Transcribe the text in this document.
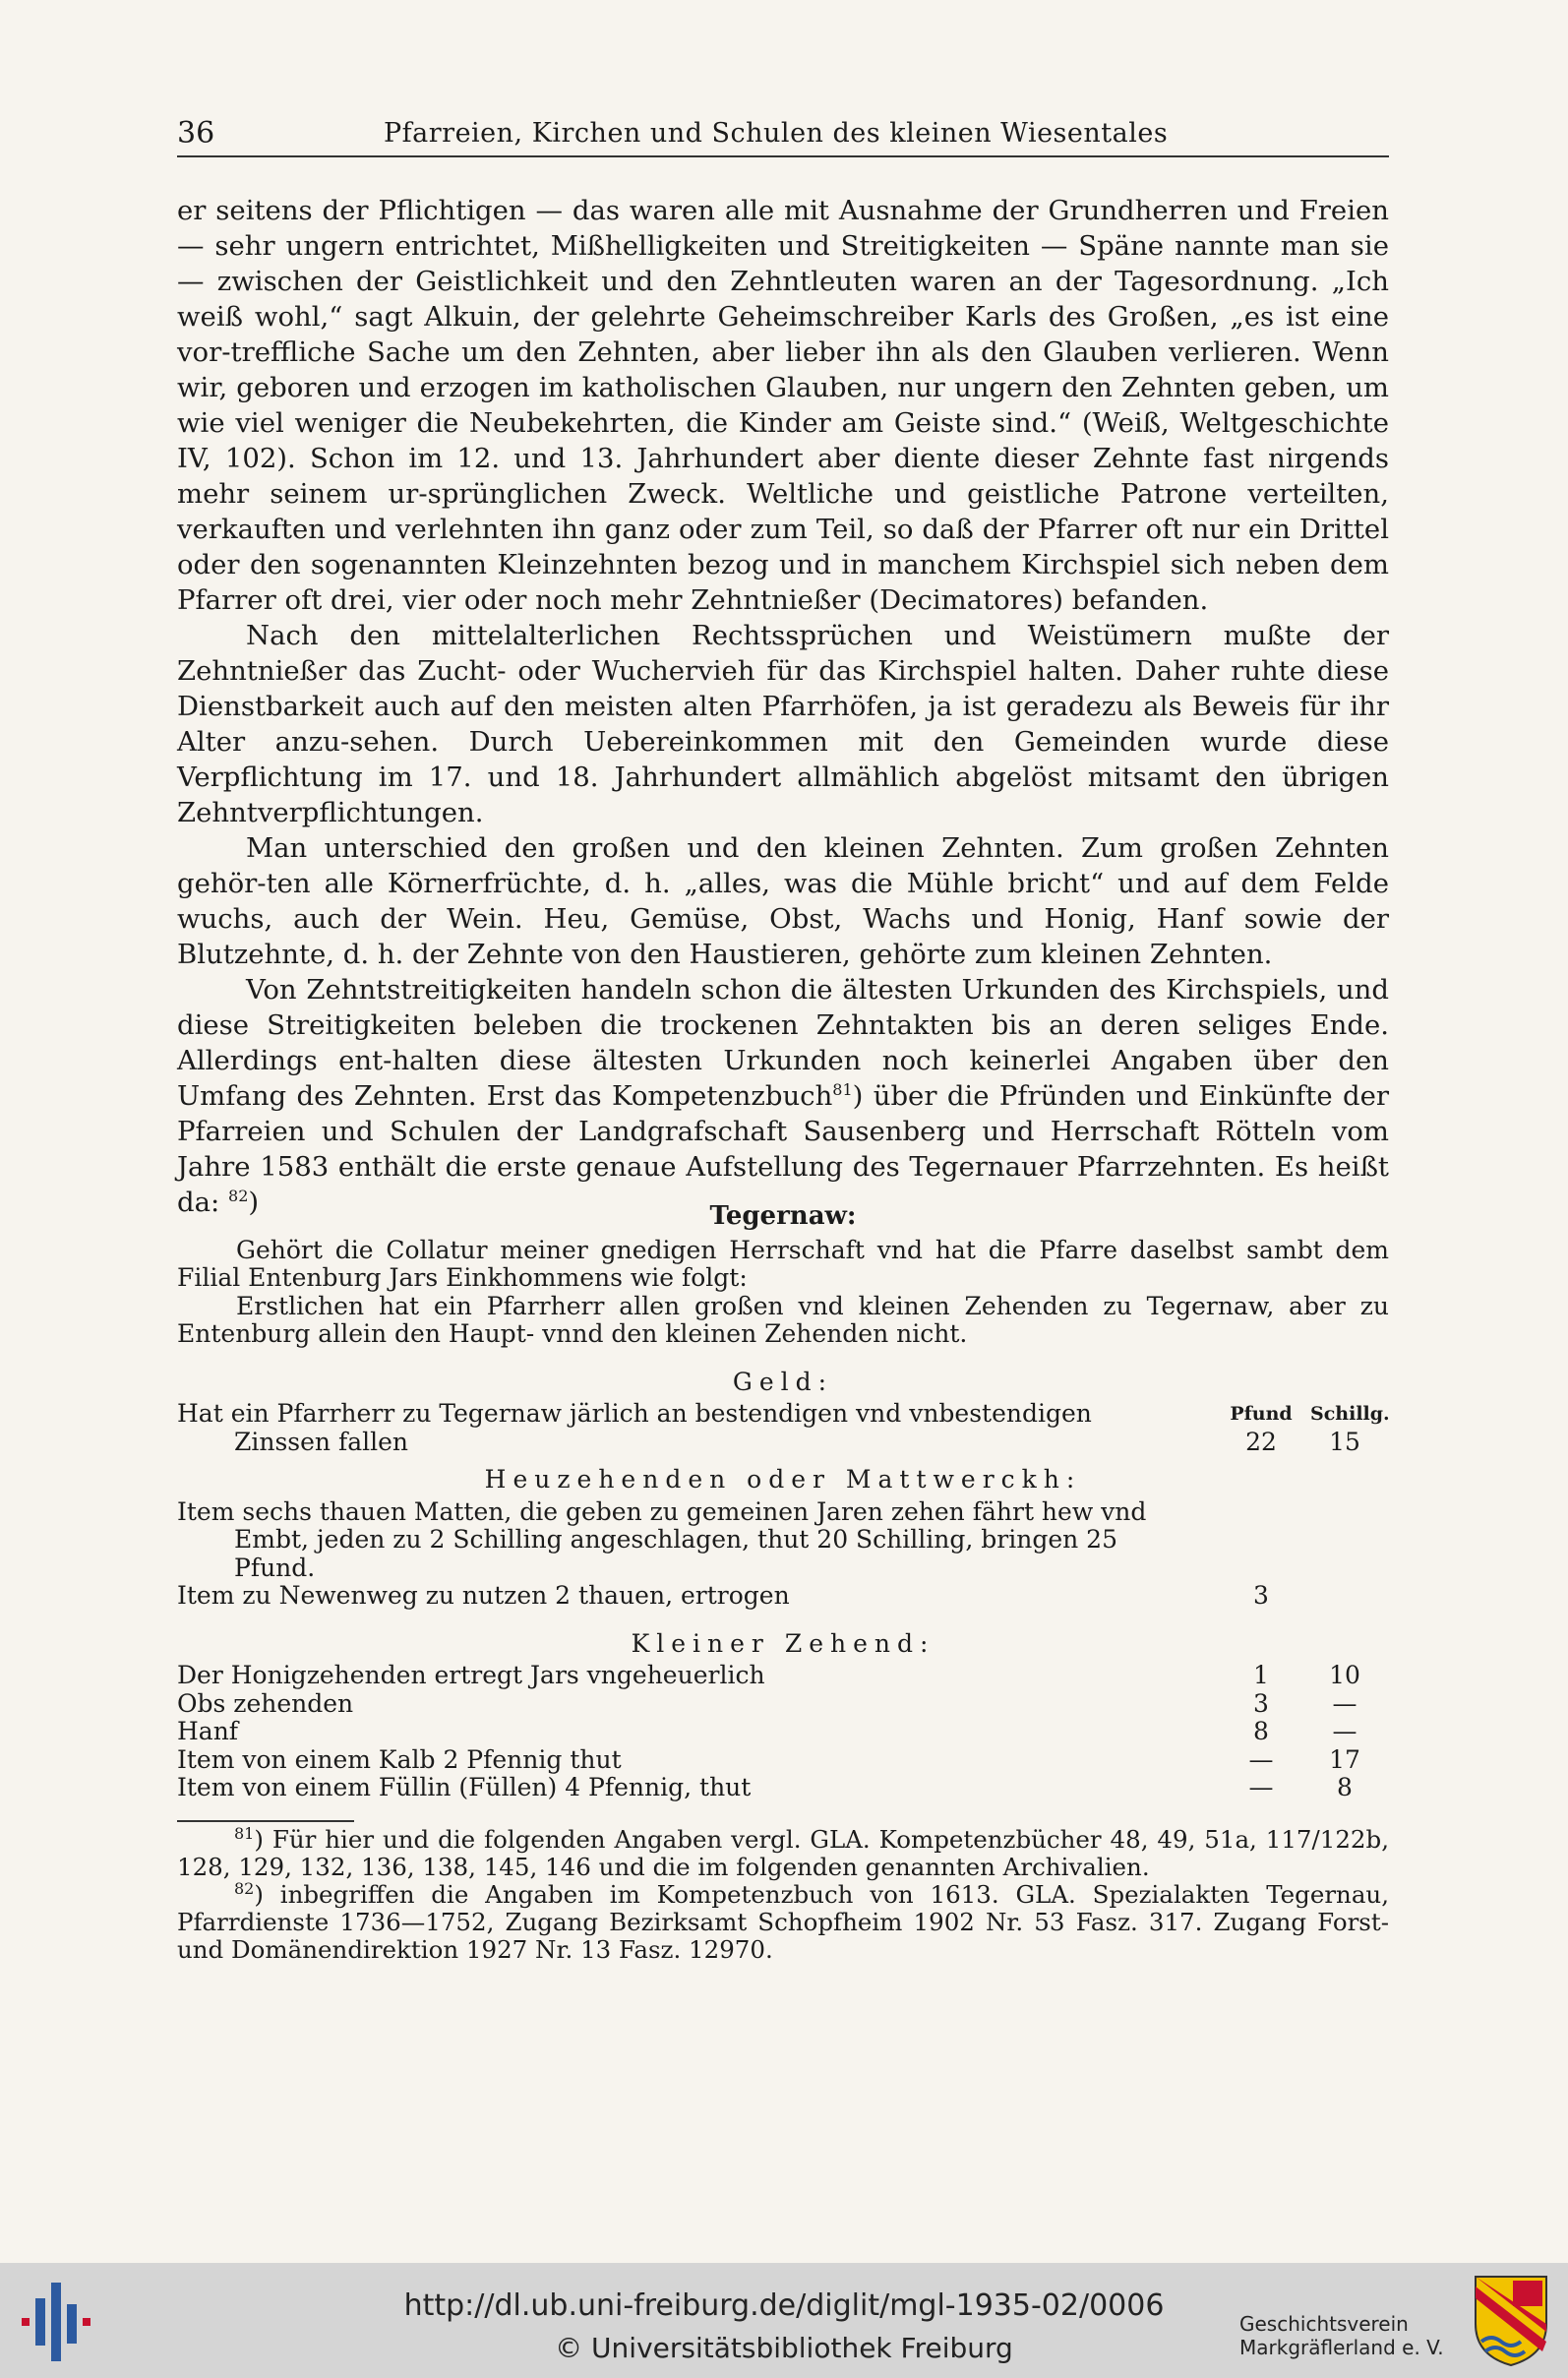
36	Pfarreien, Kirchen und Schulen des kleinen Wiesentales

er seitens der Pflichtigen — das waren alle mit Ausnahme der Grundherren und Freien — sehr ungern entrichtet, Mißhelligkeiten und Streitigkeiten — Späne nannte man sie — zwischen der Geistlichkeit und den Zehntleuten waren an der Tagesordnung. „Ich weiß wohl,“ sagt Alkuin, der gelehrte Geheimschreiber Karls des Großen, „es ist eine vor-treffliche Sache um den Zehnten, aber lieber ihn als den Glauben verlieren. Wenn wir, geboren und erzogen im katholischen Glauben, nur ungern den Zehnten geben, um wie viel weniger die Neubekehrten, die Kinder am Geiste sind.“ (Weiß, Weltgeschichte IV, 102). Schon im 12. und 13. Jahrhundert aber diente dieser Zehnte fast nirgends mehr seinem ur-sprünglichen Zweck. Weltliche und geistliche Patrone verteilten, verkauften und verlehnten ihn ganz oder zum Teil, so daß der Pfarrer oft nur ein Drittel oder den sogenannten Kleinzehnten bezog und in manchem Kirchspiel sich neben dem Pfarrer oft drei, vier oder noch mehr Zehntnießer (Decimatores) befanden.

Nach den mittelalterlichen Rechtssprüchen und Weistümern mußte der Zehntnießer das Zucht- oder Wuchervieh für das Kirchspiel halten. Daher ruhte diese Dienstbarkeit auch auf den meisten alten Pfarrhöfen, ja ist geradezu als Beweis für ihr Alter anzu-sehen. Durch Uebereinkommen mit den Gemeinden wurde diese Verpflichtung im 17. und 18. Jahrhundert allmählich abgelöst mitsamt den übrigen Zehntverpflichtungen.

Man unterschied den großen und den kleinen Zehnten. Zum großen Zehnten gehör-ten alle Körnerfrüchte, d. h. „alles, was die Mühle bricht“ und auf dem Felde wuchs, auch der Wein. Heu, Gemüse, Obst, Wachs und Honig, Hanf sowie der Blutzehnte, d. h. der Zehnte von den Haustieren, gehörte zum kleinen Zehnten.

Von Zehntstreitigkeiten handeln schon die ältesten Urkunden des Kirchspiels, und diese Streitigkeiten beleben die trockenen Zehntakten bis an deren seliges Ende. Allerdings ent-halten diese ältesten Urkunden noch keinerlei Angaben über den Umfang des Zehnten. Erst das Kompetenzbuch$^{81}$) über die Pfründen und Einkünfte der Pfarreien und Schulen der Landgrafschaft Sausenberg und Herrschaft Rötteln vom Jahre 1583 enthält die erste genaue Aufstellung des Tegernauer Pfarrzehnten. Es heißt da: $^{82}$)	Tegernaw:

Gehört die Collatur meiner gnedigen Herrschaft vnd hat die Pfarre daselbst sambt dem Filial Entenburg Jars Einkhommens wie folgt:

Erstlichen hat ein Pfarrherr allen großen vnd kleinen Zehenden zu Tegernaw, aber zu Entenburg allein den Haupt- vnnd den kleinen Zehenden nicht.

Geld:
Hat ein Pfarrherr zu Tegernaw järlich an bestendigen vnd vnbestendigen	Pfund Schillg.
Zinssen fallen	22	15
Heuzehenden oder Mattwerckh:
Item sechs thauen Matten, die geben zu gemeinen Jaren zehen fährt hew vnd Embt, jeden zu 2 Schilling angeschlagen, thut 20 Schilling, bringen 25 Pfund.
Item zu Newenweg zu nutzen 2 thauen, ertrogen	3
Kleiner Zehend:
Der Honigzehenden ertregt Jars vngeheuerlich	1	10
Obs zehenden	3	—
Hanf	8	—
Item von einem Kalb 2 Pfennig thut	—	17
Item von einem Füllin (Füllen) 4 Pfennig, thut	—	8

$^{81}$) Für hier und die folgenden Angaben vergl. GLA. Kompetenzbücher 48, 49, 51a, 117/122b, 128, 129, 132, 136, 138, 145, 146 und die im folgenden genannten Archivalien.

$^{82}$) inbegriffen die Angaben im Kompetenzbuch von 1613. GLA. Spezialakten Tegernau, Pfarrdienste 1736—1752, Zugang Bezirksamt Schopfheim 1902 Nr. 53 Fasz. 317. Zugang Forst- und Domänendirektion 1927 Nr. 13 Fasz. 12970.

http://dl.ub.uni-freiburg.de/diglit/mgl-1935-02/0006
© Universitätsbibliothek Freiburg
Geschichtsverein
Markgräflerland e. V.
